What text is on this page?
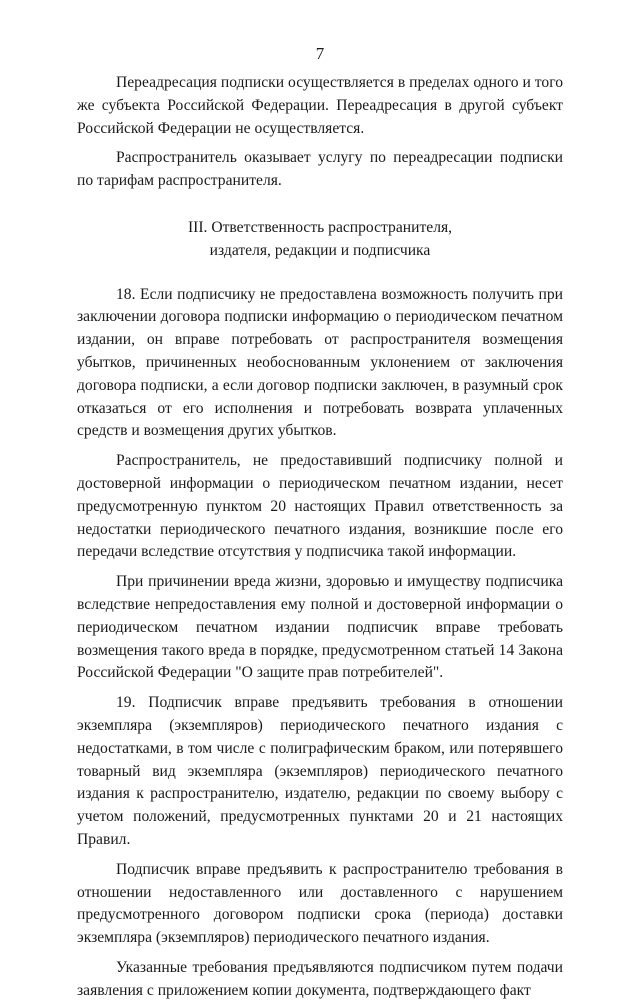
7

Переадресация подписки осуществляется в пределах одного и того же субъекта Российской Федерации. Переадресация в другой субъект Российской Федерации не осуществляется.

Распространитель оказывает услугу по переадресации подписки по тарифам распространителя.

III. Ответственность распространителя,
издателя, редакции и подписчика

18. Если подписчику не предоставлена возможность получить при заключении договора подписки информацию о периодическом печатном издании, он вправе потребовать от распространителя возмещения убытков, причиненных необоснованным уклонением от заключения договора подписки, а если договор подписки заключен, в разумный срок отказаться от его исполнения и потребовать возврата уплаченных средств и возмещения других убытков.

Распространитель, не предоставивший подписчику полной и достоверной информации о периодическом печатном издании, несет предусмотренную пунктом 20 настоящих Правил ответственность за недостатки периодического печатного издания, возникшие после его передачи вследствие отсутствия у подписчика такой информации.

При причинении вреда жизни, здоровью и имуществу подписчика вследствие непредоставления ему полной и достоверной информации о периодическом печатном издании подписчик вправе требовать возмещения такого вреда в порядке, предусмотренном статьей 14 Закона Российской Федерации "О защите прав потребителей".

19. Подписчик вправе предъявить требования в отношении экземпляра (экземпляров) периодического печатного издания с недостатками, в том числе с полиграфическим браком, или потерявшего товарный вид экземпляра (экземпляров) периодического печатного издания к распространителю, издателю, редакции по своему выбору с учетом положений, предусмотренных пунктами 20 и 21 настоящих Правил.

Подписчик вправе предъявить к распространителю требования в отношении недоставленного или доставленного с нарушением предусмотренного договором подписки срока (периода) доставки экземпляра (экземпляров) периодического печатного издания.

Указанные требования предъявляются подписчиком путем подачи заявления с приложением копии документа, подтверждающего факт
